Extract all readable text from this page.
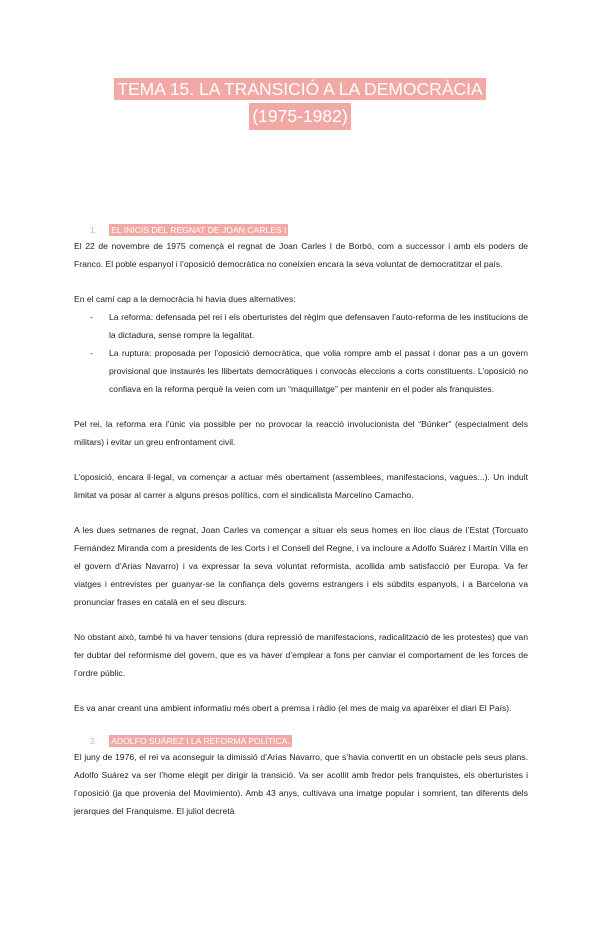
TEMA 15. LA TRANSICIÓ A LA DEMOCRÀCIA
(1975-1982)
1. EL INICIS DEL REGNAT DE JOAN CARLES I

El 22 de novembre de 1975 començà el regnat de Joan Carles I de Borbó, com a successor i amb els poders de Franco. El poble espanyol i l’oposició democràtica no coneixien encara la seva voluntat de democratitzar el país.

En el camí cap a la democràcia hi havia dues alternatives:

- La reforma: defensada pel rei i els oberturistes del règim que defensaven l’auto-reforma de les institucions de la dictadura, sense rompre la legalitat.
- La ruptura: proposada per l’oposició democràtica, que volia rompre amb el passat i donar pas a un govern provisional que instaurés les llibertats democràtiques i convocàs eleccions a corts constituents. L’oposició no confiava en la reforma perquè la veien com un “maquillatge” per mantenir en el poder als franquistes.

Pel rei, la reforma era l’únic via possible per no provocar la reacció involucionista del “Búnker” (especialment dels militars) i evitar un greu enfrontament civil.

L’oposició, encara il·legal, va començar a actuar més obertament (assemblees, manifestacions, vagues...). Un indult limitat va posar al carrer a alguns presos polítics, com el sindicalista Marcelino Camacho.

A les dues setmanes de regnat, Joan Carles va començar a situar els seus homes en lloc claus de l’Estat (Torcuato Fernández Miranda com a presidents de les Corts i el Consell del Regne, i va incloure a Adolfo Suárez i Martín Villa en el govern d’Arias Navarro) i va expressar la seva voluntat reformista, acollida amb satisfacció per Europa. Va fer viatges i entrevistes per guanyar-se la confiança dels governs estrangers i els súbdits espanyols, i a Barcelona va pronunciar frases en català en el seu discurs.

No obstant això, també hi va haver tensions (dura repressió de manifestacions, radicalització de les protestes) que van fer dubtar del reformisme del govern, que es va haver d’emplear a fons per canviar el comportament de les forces de l’ordre públic.

Es va anar creant una ambient informatiu més obert a premsa i ràdio (el mes de maig va aparèixer el diari El País).

2. ADOLFO SUÁREZ I LA REFORMA POLÍTICA.

El juny de 1976, el rei va aconseguir la dimissió d’Arias Navarro, que s’havia convertit en un obstacle pels seus plans. Adolfo Suárez va ser l’home elegit per dirigir la transició. Va ser acollit amb fredor pels franquistes, els oberturistes i l’oposició (ja que provenia del Movimiento). Amb 43 anys, cultivava una imatge popular i somrient, tan diferents dels jerarques del Franquisme. El juliol decretà
